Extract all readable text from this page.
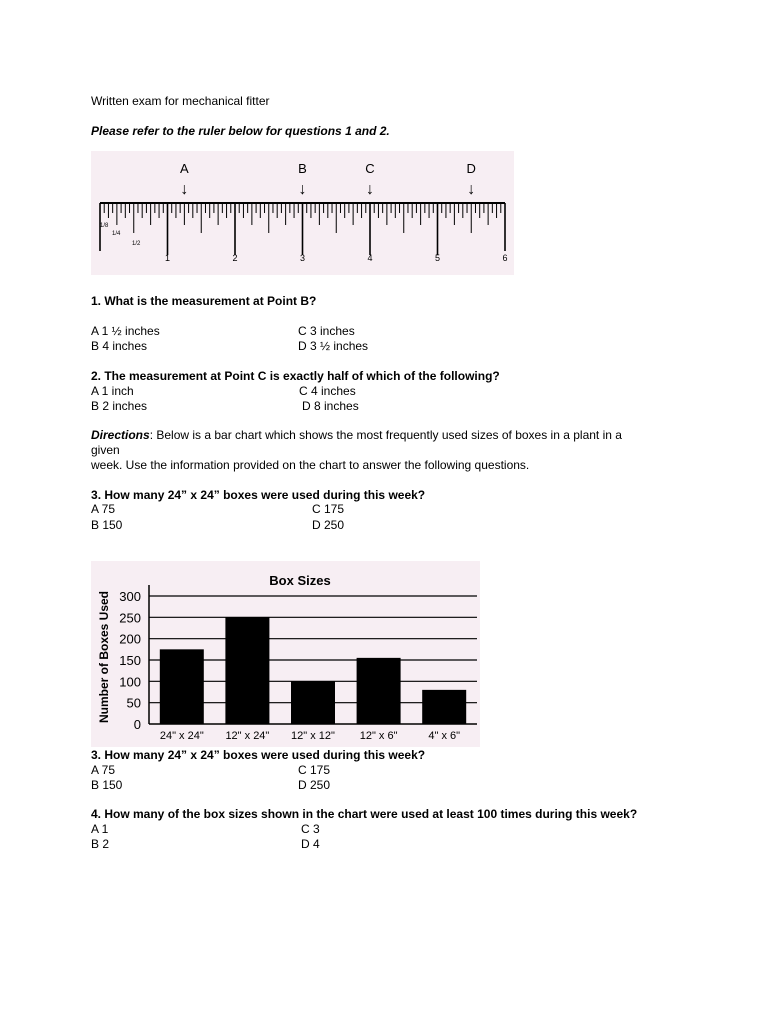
Written exam for mechanical fitter
Please refer to the ruler below for questions 1 and 2.
A
↓
B
↓
C
↓
D
↓
1/8
1/4
1/2
1	2	3	4	5	6
1. What is the measurement at Point B?
A 1 ½ inches	C 3 inches
B 4 inches	D 3 ½ inches
2. The measurement at Point C is exactly half of which of the following?
A 1 inch	C 4 inches
B 2 inches	D 8 inches
Directions: Below is a bar chart which shows the most frequently used sizes of boxes in a plant in a
given
week. Use the information provided on the chart to answer the following questions.
3. How many 24” x 24” boxes were used during this week?
A 75	C 175
B 150	D 250
Box Sizes
Number of Boxes Used 300
250
200
150
100
50
0
24" x 24" 12" x 24" 12" x 12" 12" x 6"	4" x 6"
3. How many 24” x 24” boxes were used during this week?
A 75	C 175
B 150	D 250
4. How many of the box sizes shown in the chart were used at least 100 times during this week?
A 1	C 3
B 2	D 4
